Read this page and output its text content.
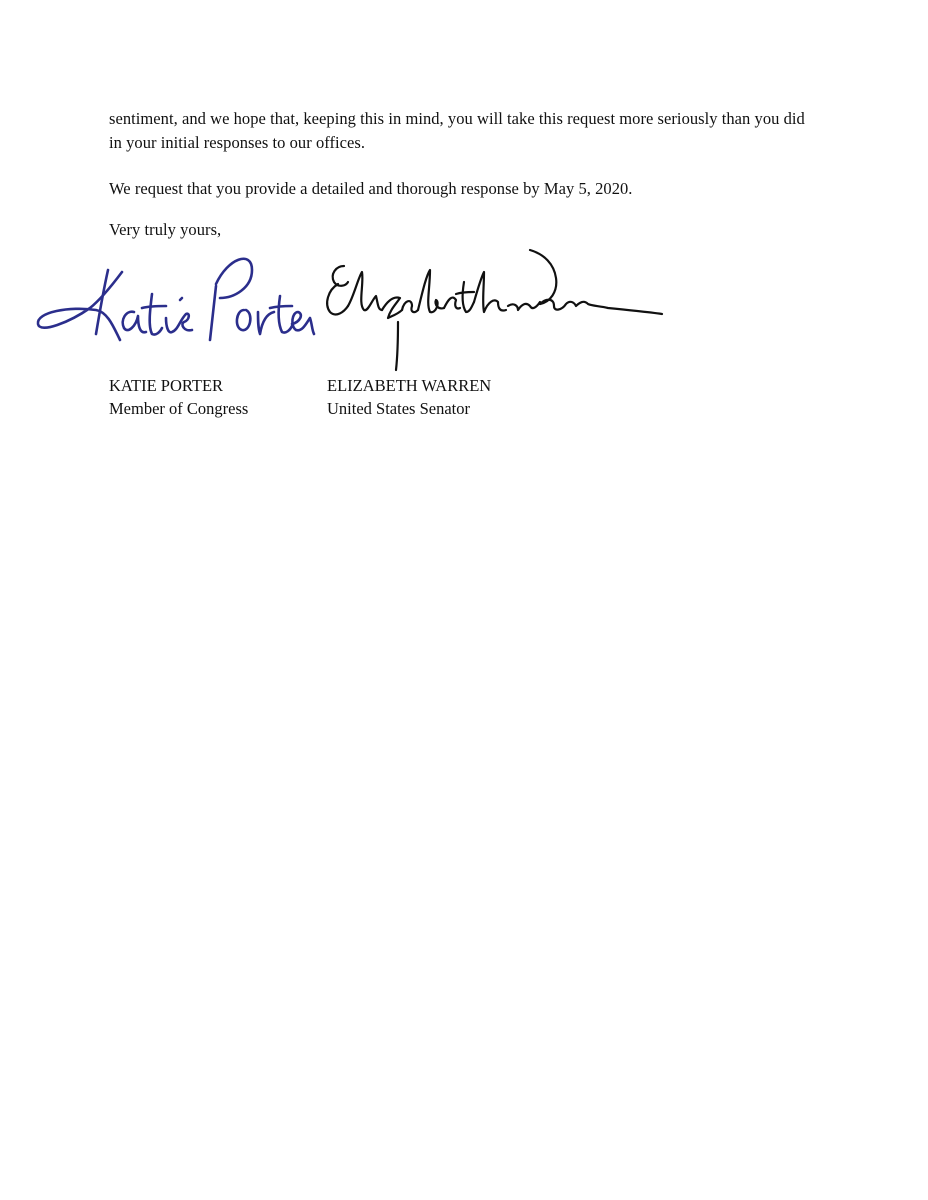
sentiment, and we hope that, keeping this in mind, you will take this request more seriously than you did
in your initial responses to our offices.
We request that you provide a detailed and thorough response by May 5, 2020.
Very truly yours,
KATIE PORTER
Member of Congress
ELIZABETH WARREN
United States Senator
